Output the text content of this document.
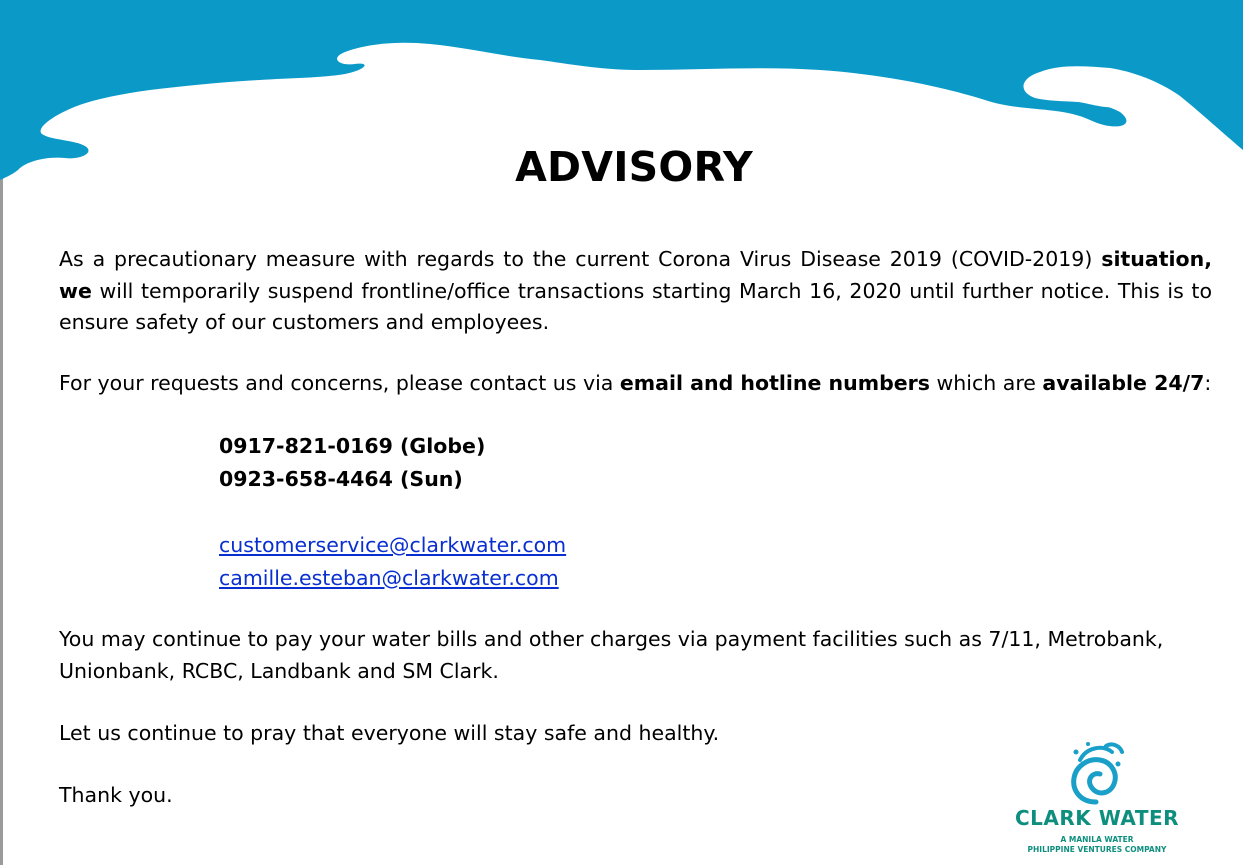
ADVISORY
As a precautionary measure with regards to the current Corona Virus Disease 2019 (COVID-2019) situation, we will temporarily suspend frontline/office transactions starting March 16, 2020 until further notice. This is to ensure safety of our customers and employees.
For your requests and concerns, please contact us via email and hotline numbers which are available 24/7:
0917-821-0169 (Globe)
0923-658-4464 (Sun)
customerservice@clarkwater.com
camille.esteban@clarkwater.com
You may continue to pay your water bills and other charges via payment facilities such as 7/11, Metrobank,
Unionbank, RCBC, Landbank and SM Clark.
Let us continue to pray that everyone will stay safe and healthy.
Thank you.
CLARK WATER
A MANILA WATER
PHILIPPINE VENTURES COMPANY
